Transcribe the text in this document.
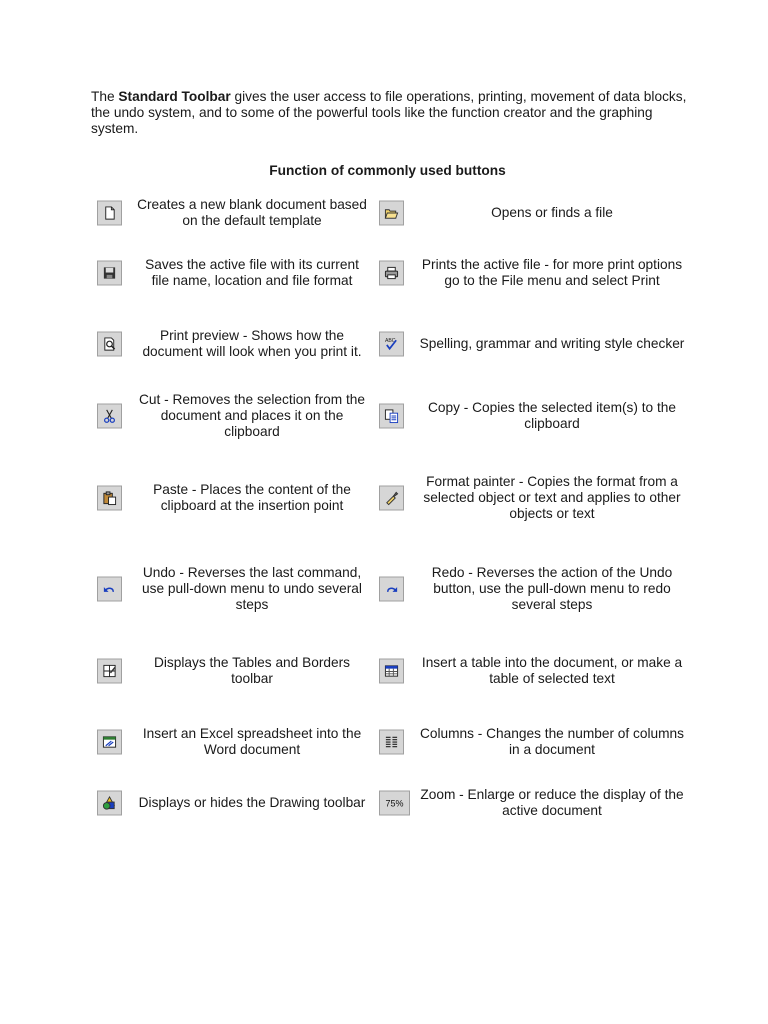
The Standard Toolbar gives the user access to file operations, printing, movement of data blocks, the undo system, and to some of the powerful tools like the function creator and the graphing system.
Function of commonly used buttons
Creates a new blank document based on the default template
Opens or finds a file
Saves the active file with its current file name, location and file format
Prints the active file - for more print options go to the File menu and select Print
Print preview - Shows how the document will look when you print it.
ABC Spelling, grammar and writing style checker
Cut - Removes the selection from the document and places it on the clipboard
Copy - Copies the selected item(s) to the clipboard
Paste - Places the content of the clipboard at the insertion point
Format painter - Copies the format from a selected object or text and applies to other objects or text
Undo - Reverses the last command, use pull-down menu to undo several steps
Redo - Reverses the action of the Undo button, use the pull-down menu to redo several steps
Displays the Tables and Borders toolbar
Insert a table into the document, or make a table of selected text
Insert an Excel spreadsheet into the Word document
Columns - Changes the number of columns in a document
Displays or hides the Drawing toolbar 75%
Zoom - Enlarge or reduce the display of the active document
